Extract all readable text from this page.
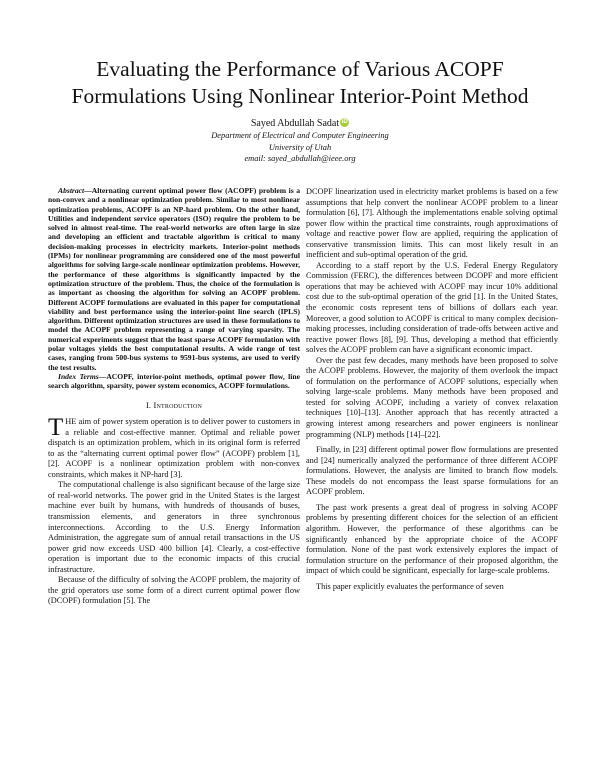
Evaluating the Performance of Various ACOPF
Formulations Using Nonlinear Interior-Point Method
Sayed Abdullah Sadat iD
Department of Electrical and Computer Engineering
University of Utah
email: sayed_abdullah@ieee.org

Abstract—Alternating current optimal power flow (ACOPF) problem is a non-convex and a nonlinear optimization problem. Similar to most nonlinear optimization problems, ACOPF is an NP-hard problem. On the other hand, Utilities and independent service operators (ISO) require the problem to be solved in almost real-time. The real-world networks are often large in size and developing an efficient and tractable algorithm is critical to many decision-making processes in electricity markets. Interior-point methods (IPMs) for nonlinear programming are considered one of the most powerful algorithms for solving large-scale nonlinear optimization problems. However, the performance of these algorithms is significantly impacted by the optimization structure of the problem. Thus, the choice of the formulation is as important as choosing the algorithm for solving an ACOPF problem. Different ACOPF formulations are evaluated in this paper for computational viability and best performance using the interior-point line search (IPLS) algorithm. Different optimization structures are used in these formulations to model the ACOPF problem representing a range of varying sparsity. The numerical experiments suggest that the least sparse ACOPF formulation with polar voltages yields the best computational results. A wide range of test cases, ranging from 500-bus systems to 9591-bus systems, are used to verify the test results.

Index Terms—ACOPF, interior-point methods, optimal power flow, line search algorithm, sparsity, power system economics, ACOPF formulations.

I. Introduction

THE aim of power system operation is to deliver power to customers in a reliable and cost-effective manner. Optimal and reliable power dispatch is an optimization problem, which in its original form is referred to as the “alternating current optimal power flow” (ACOPF) problem [1], [2]. ACOPF is a nonlinear optimization problem with non-convex constraints, which makes it NP-hard [3].

The computational challenge is also significant because of the large size of real-world networks. The power grid in the United States is the largest machine ever built by humans, with hundreds of thousands of buses, transmission elements, and generators in three synchronous interconnections. According to the U.S. Energy Information Administration, the aggregate sum of annual retail transactions in the US power grid now exceeds USD 400 billion [4]. Clearly, a cost-effective operation is important due to the economic impacts of this crucial infrastructure.

Because of the difficulty of solving the ACOPF problem, the majority of the grid operators use some form of a direct current optimal power flow (DCOPF) formulation [5]. The

DCOPF linearization used in electricity market problems is based on a few assumptions that help convert the nonlinear ACOPF problem to a linear formulation [6], [7]. Although the implementations enable solving optimal power flow within the practical time constraints, rough approximations of voltage and reactive power flow are applied, requiring the application of conservative transmission limits. This can most likely result in an inefficient and sub-optimal operation of the grid.

According to a staff report by the U.S. Federal Energy Regulatory Commission (FERC), the differences between DCOPF and more efficient operations that may be achieved with ACOPF may incur 10% additional cost due to the sub-optimal operation of the grid [1]. In the United States, the economic costs represent tens of billions of dollars each year. Moreover, a good solution to ACOPF is critical to many complex decision-making processes, including consideration of trade-offs between active and reactive power flows [8], [9]. Thus, developing a method that efficiently solves the ACOPF problem can have a significant economic impact.

Over the past few decades, many methods have been proposed to solve the ACOPF problems. However, the majority of them overlook the impact of formulation on the performance of ACOPF solutions, especially when solving large-scale problems. Many methods have been proposed and tested for solving ACOPF, including a variety of convex relaxation techniques [10]–[13]. Another approach that has recently attracted a growing interest among researchers and power engineers is nonlinear programming (NLP) methods [14]–[22].

Finally, in [23] different optimal power flow formulations are presented and [24] numerically analyzed the performance of three different ACOPF formulations. However, the analysis are limited to branch flow models. These models do not encompass the least sparse formulations for an ACOPF problem.

The past work presents a great deal of progress in solving ACOPF problems by presenting different choices for the selection of an efficient algorithm. However, the performance of these algorithms can be significantly enhanced by the appropriate choice of the ACOPF formulation. None of the past work extensively explores the impact of formulation structure on the performance of their proposed algorithm, the impact of which could be significant, especially for large-scale problems.

This paper explicitly evaluates the performance of seven
